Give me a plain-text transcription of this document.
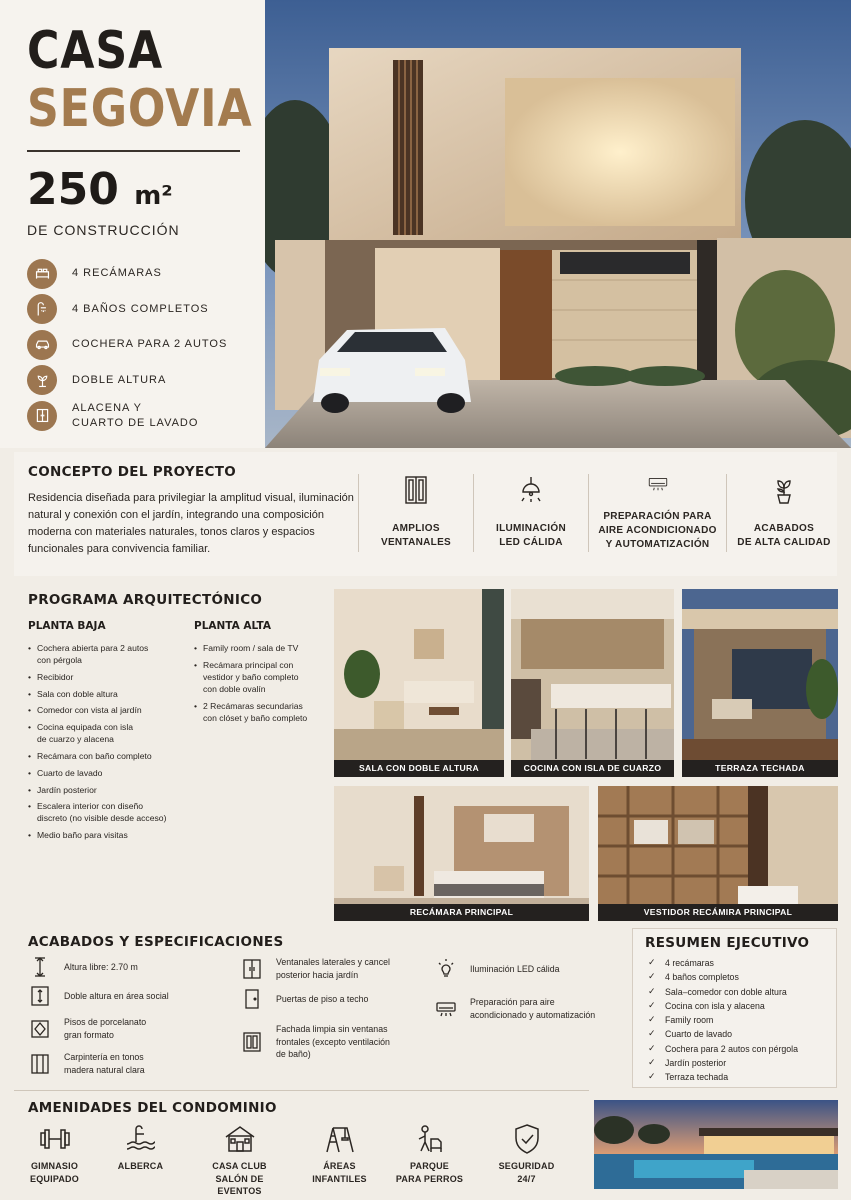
CASA
SEGOVIA
250 m²
DE CONSTRUCCIÓN
4 RECÁMARAS
4 BAÑOS COMPLETOS
COCHERA PARA 2 AUTOS
DOBLE ALTURA
ALACENA Y
CUARTO DE LAVADO
CONCEPTO DEL PROYECTO
Residencia diseñada para privilegiar la amplitud visual, iluminación natural y conexión con el jardín, integrando una composición moderna con materiales naturales, tonos claros y espacios funcionales para convivencia familiar.
AMPLIOS
VENTANALES
ILUMINACIÓN
LED CÁLIDA
PREPARACIÓN PARA
AIRE ACONDICIONADO
Y AUTOMATIZACIÓN
ACABADOS
DE ALTA CALIDAD
PROGRAMA ARQUITECTÓNICO
PLANTA BAJA
• Cochera abierta para 2 autos
con pérgola
• Recibidor
• Sala con doble altura
• Comedor con vista al jardín
• Cocina equipada con isla
de cuarzo y alacena
• Recámara con baño completo
• Cuarto de lavado
• Jardín posterior
• Escalera interior con diseño
discreto (no visible desde acceso)
• Medio baño para visitas
PLANTA ALTA
• Family room / sala de TV
• Recámara principal con
vestidor y baño completo
con doble ovalín
• 2 Recámaras secundarias
con clóset y baño completo
SALA CON DOBLE ALTURA	COCINA CON ISLA DE CUARZO	TERRAZA TECHADA
RECÁMARA PRINCIPAL	VESTIDOR RECÁMIRA PRINCIPAL
ACABADOS Y ESPECIFICACIONES
Altura libre: 2.70 m
Doble altura en área social
Pisos de porcelanato
gran formato
Carpintería en tonos
madera natural clara
Ventanales laterales y cancel
posterior hacia jardín
Puertas de piso a techo
Fachada limpia sin ventanas
frontales (excepto ventilación
de baño)
Iluminación LED cálida
Preparación para aire
acondicionado y automatización
RESUMEN EJECUTIVO
✓ 4 recámaras
✓ 4 baños completos
✓ Sala–comedor con doble altura
✓ Cocina con isla y alacena
✓ Family room
✓ Cuarto de lavado
✓ Cochera para 2 autos con pérgola
✓ Jardín posterior
✓ Terraza techada
AMENIDADES DEL CONDOMINIO
GIMNASIO
EQUIPADO
ALBERCA	CASA CLUB
SALÓN DE EVENTOS
ÁREAS
INFANTILES
PARQUE
PARA PERROS
SEGURIDAD
24/7
